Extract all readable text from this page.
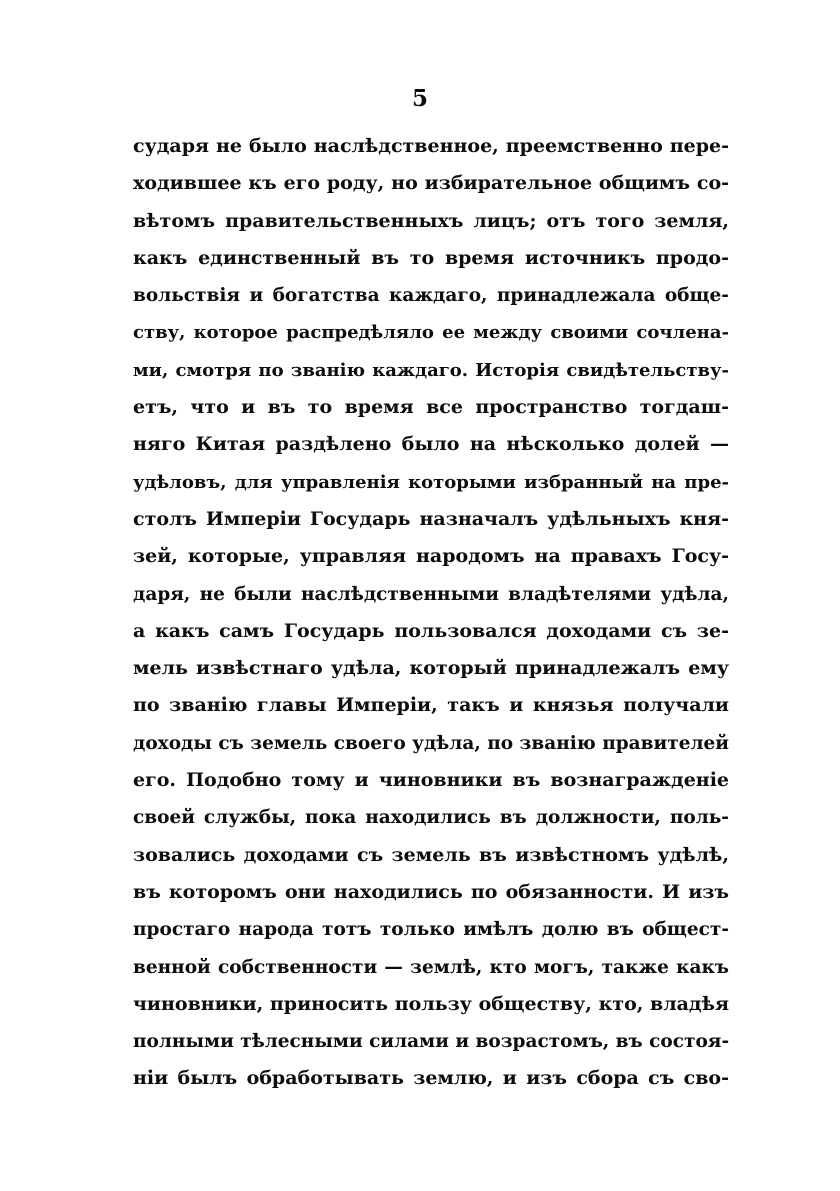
5
сударя не было наслѣдственное, преемственно пере-
ходившее къ его роду, но избирательное общимъ со-
вѣтомъ правительственныхъ лицъ; отъ того земля,
какъ единственный въ то время источникъ продо-
вольствія и богатства каждаго, принадлежала обще-
ству, которое распредѣляло ее между своими сочлена-
ми, смотря по званію каждаго. Исторія свидѣтельству-
етъ, что и въ то время все пространство тогдаш-
няго Китая раздѣлено было на нѣсколько долей —
удѣловъ, для управленія которыми избранный на пре-
столъ Имперіи Государь назначалъ удѣльныхъ кня-
зей, которые, управляя народомъ на правахъ Госу-
даря, не были наслѣдственными владѣтелями удѣла,
а какъ самъ Государь пользовался доходами съ зе-
мель извѣстнаго удѣла, который принадлежалъ ему
по званію главы Имперіи, такъ и князья получали
доходы съ земель своего удѣла, по званію правителей
его. Подобно тому и чиновники въ вознагражденіе
своей службы, пока находились въ должности, поль-
зовались доходами съ земель въ извѣстномъ удѣлѣ,
въ которомъ они находились по обязанности. И изъ
простаго народа тотъ только имѣлъ долю въ общест-
венной собственности — землѣ, кто могъ, также какъ
чиновники, приносить пользу обществу, кто, владѣя
полными тѣлесными силами и возрастомъ, въ состоя-
ніи былъ обработывать землю, и изъ сбора съ сво-
